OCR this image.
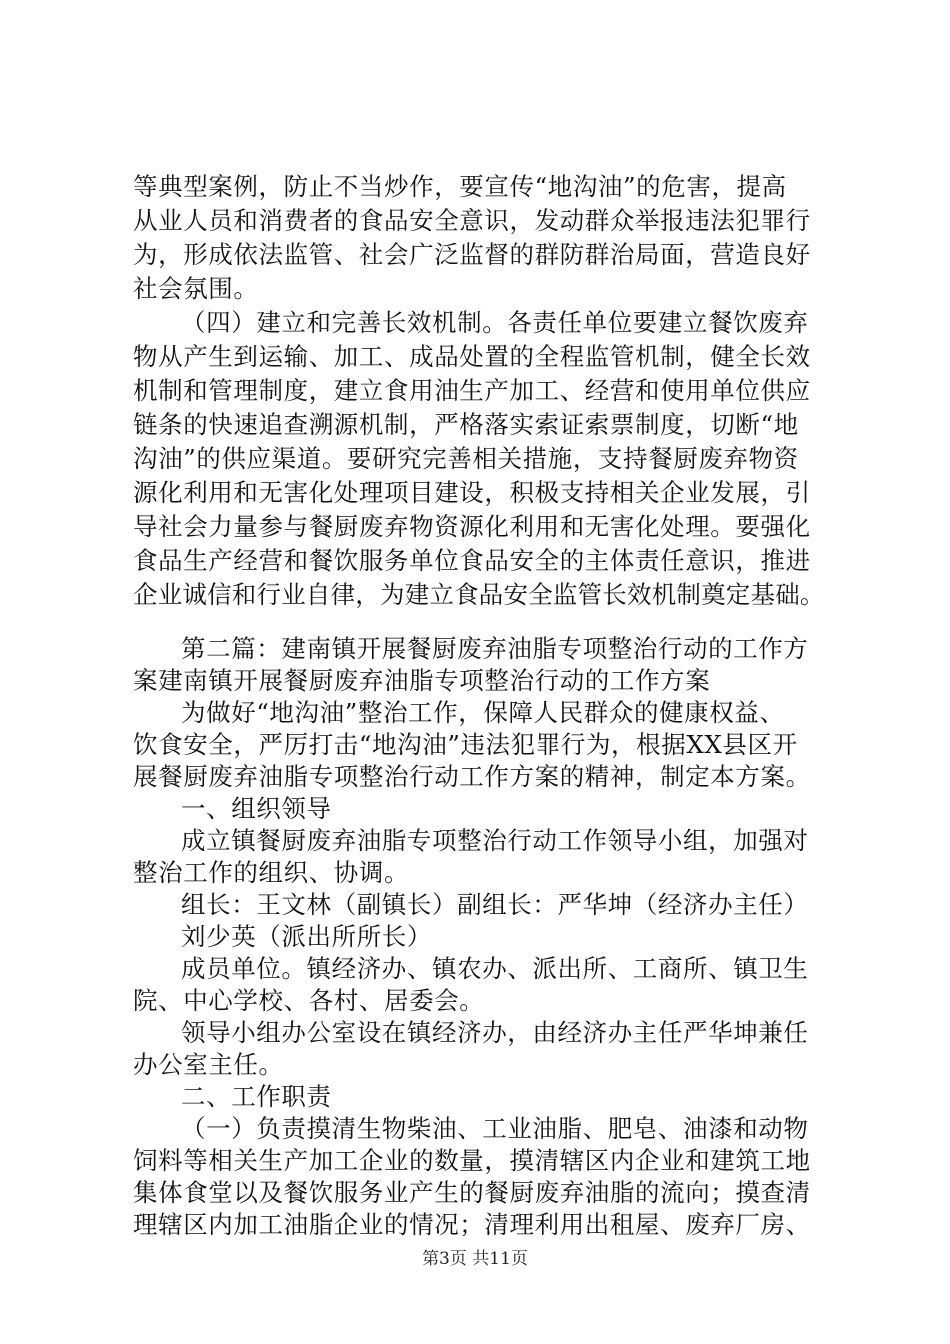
等典型案例，防止不当炒作，要宣传“地沟油”的危害，提高
从业人员和消费者的食品安全意识，发动群众举报违法犯罪行
为，形成依法监管、社会广泛监督的群防群治局面，营造良好
社会氛围。
（四）建立和完善长效机制。各责任单位要建立餐饮废弃
物从产生到运输、加工、成品处置的全程监管机制，健全长效
机制和管理制度，建立食用油生产加工、经营和使用单位供应
链条的快速追查溯源机制，严格落实索证索票制度，切断“地
沟油”的供应渠道。要研究完善相关措施，支持餐厨废弃物资
源化利用和无害化处理项目建设，积极支持相关企业发展，引
导社会力量参与餐厨废弃物资源化利用和无害化处理。要强化
食品生产经营和餐饮服务单位食品安全的主体责任意识，推进
企业诚信和行业自律，为建立食品安全监管长效机制奠定基础。
第二篇：建南镇开展餐厨废弃油脂专项整治行动的工作方
案建南镇开展餐厨废弃油脂专项整治行动的工作方案
为做好“地沟油”整治工作，保障人民群众的健康权益、
饮食安全，严厉打击“地沟油”违法犯罪行为，根据XX县区开
展餐厨废弃油脂专项整治行动工作方案的精神，制定本方案。
一、组织领导
成立镇餐厨废弃油脂专项整治行动工作领导小组，加强对
整治工作的组织、协调。
组长：王文林（副镇长）副组长：严华坤（经济办主任）
刘少英（派出所所长）
成员单位。镇经济办、镇农办、派出所、工商所、镇卫生
院、中心学校、各村、居委会。
领导小组办公室设在镇经济办，由经济办主任严华坤兼任
办公室主任。
二、工作职责
（一）负责摸清生物柴油、工业油脂、肥皂、油漆和动物
饲料等相关生产加工企业的数量，摸清辖区内企业和建筑工地
集体食堂以及餐饮服务业产生的餐厨废弃油脂的流向；摸查清
理辖区内加工油脂企业的情况；清理利用出租屋、废弃厂房、
第3页 共11页
